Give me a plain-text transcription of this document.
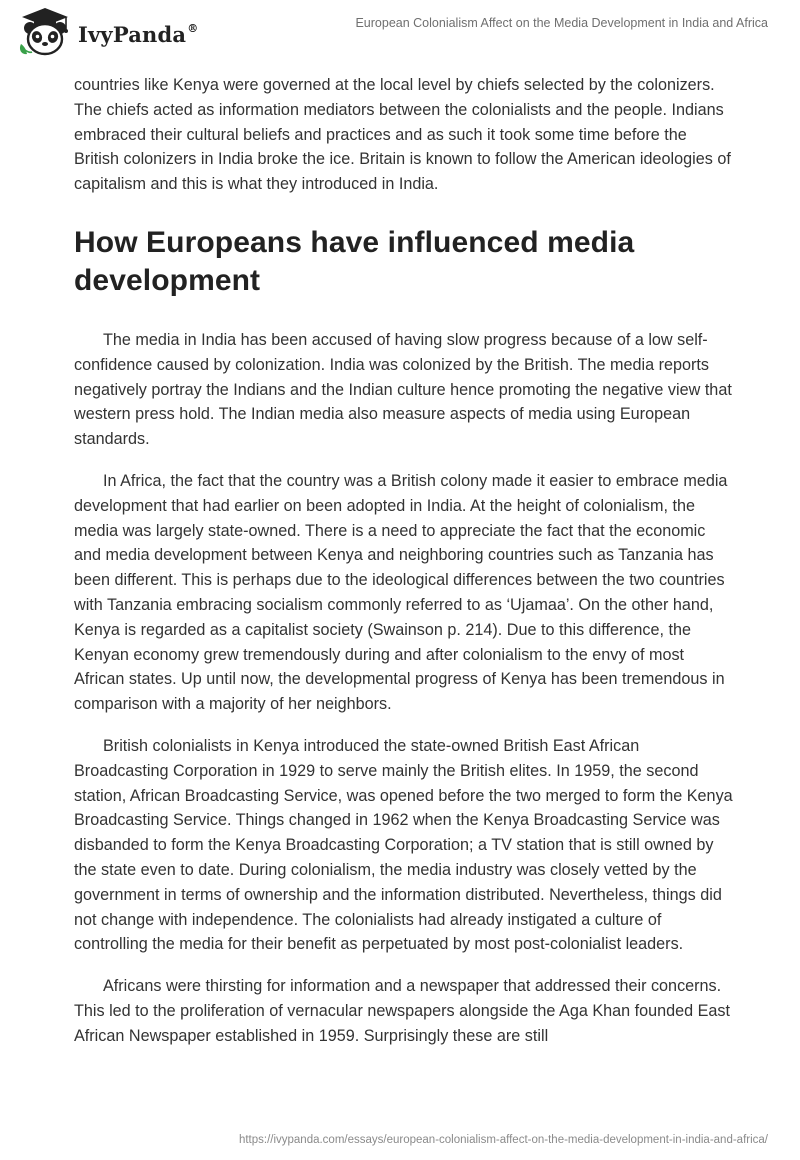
IvyPanda®	European Colonialism Affect on the Media Development in India and Africa

countries like Kenya were governed at the local level by chiefs selected by the colonizers. The chiefs acted as information mediators between the colonialists and the people. Indians embraced their cultural beliefs and practices and as such it took some time before the British colonizers in India broke the ice. Britain is known to follow the American ideologies of capitalism and this is what they introduced in India.

How Europeans have influenced media development

The media in India has been accused of having slow progress because of a low self-confidence caused by colonization. India was colonized by the British. The media reports negatively portray the Indians and the Indian culture hence promoting the negative view that western press hold. The Indian media also measure aspects of media using European standards.

In Africa, the fact that the country was a British colony made it easier to embrace media development that had earlier on been adopted in India. At the height of colonialism, the media was largely state-owned. There is a need to appreciate the fact that the economic and media development between Kenya and neighboring countries such as Tanzania has been different. This is perhaps due to the ideological differences between the two countries with Tanzania embracing socialism commonly referred to as ‘Ujamaa’. On the other hand, Kenya is regarded as a capitalist society (Swainson p. 214). Due to this difference, the Kenyan economy grew tremendously during and after colonialism to the envy of most African states. Up until now, the developmental progress of Kenya has been tremendous in comparison with a majority of her neighbors.

British colonialists in Kenya introduced the state-owned British East African Broadcasting Corporation in 1929 to serve mainly the British elites. In 1959, the second station, African Broadcasting Service, was opened before the two merged to form the Kenya Broadcasting Service. Things changed in 1962 when the Kenya Broadcasting Service was disbanded to form the Kenya Broadcasting Corporation; a TV station that is still owned by the state even to date. During colonialism, the media industry was closely vetted by the government in terms of ownership and the information distributed. Nevertheless, things did not change with independence. The colonialists had already instigated a culture of controlling the media for their benefit as perpetuated by most post-colonialist leaders.

Africans were thirsting for information and a newspaper that addressed their concerns. This led to the proliferation of vernacular newspapers alongside the Aga Khan founded East African Newspaper established in 1959. Surprisingly these are still

https://ivypanda.com/essays/european-colonialism-affect-on-the-media-development-in-india-and-africa/
